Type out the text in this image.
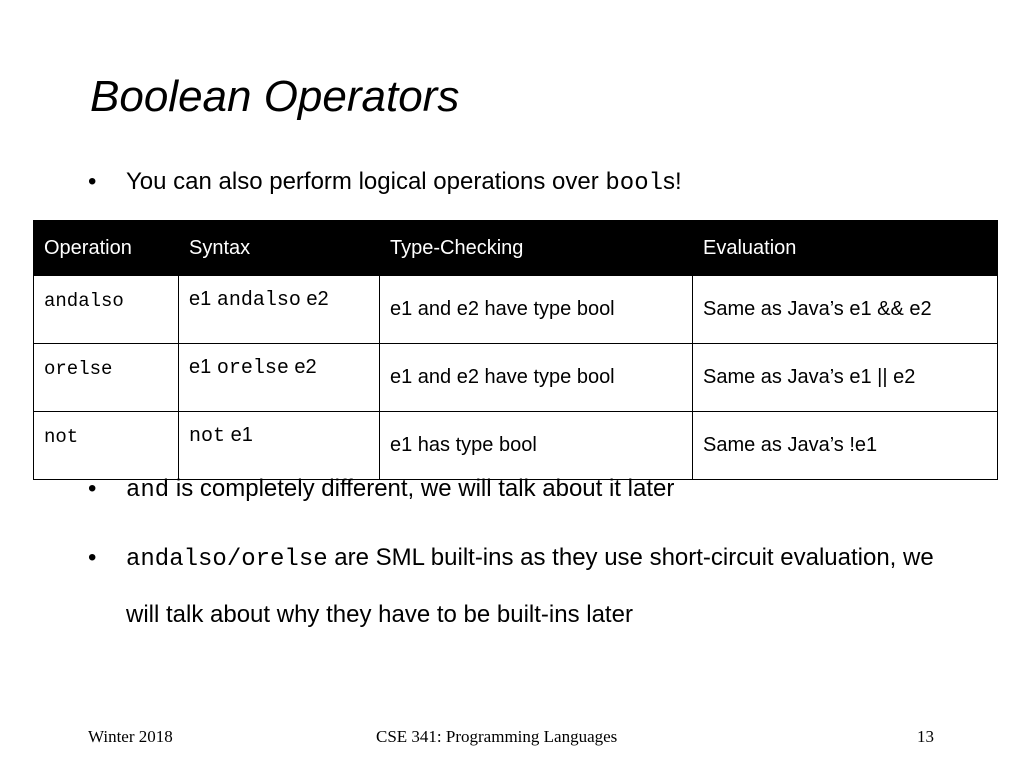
Boolean Operators
• You can also perform logical operations over bools!
Operation	Syntax	Type-Checking	Evaluation
andalso	e1 andalso e2	e1 and e2 have type bool	Same as Java’s e1 && e2
orelse	e1 orelse e2	e1 and e2 have type bool	Same as Java’s e1 || e2
not	not e1	e1 has type bool	Same as Java’s !e1
• and is completely different, we will talk about it later
• andalso/orelse are SML built-ins as they use short-circuit evaluation, we will talk about why they have to be built-ins later
Winter 2018	CSE 341: Programming Languages	13
